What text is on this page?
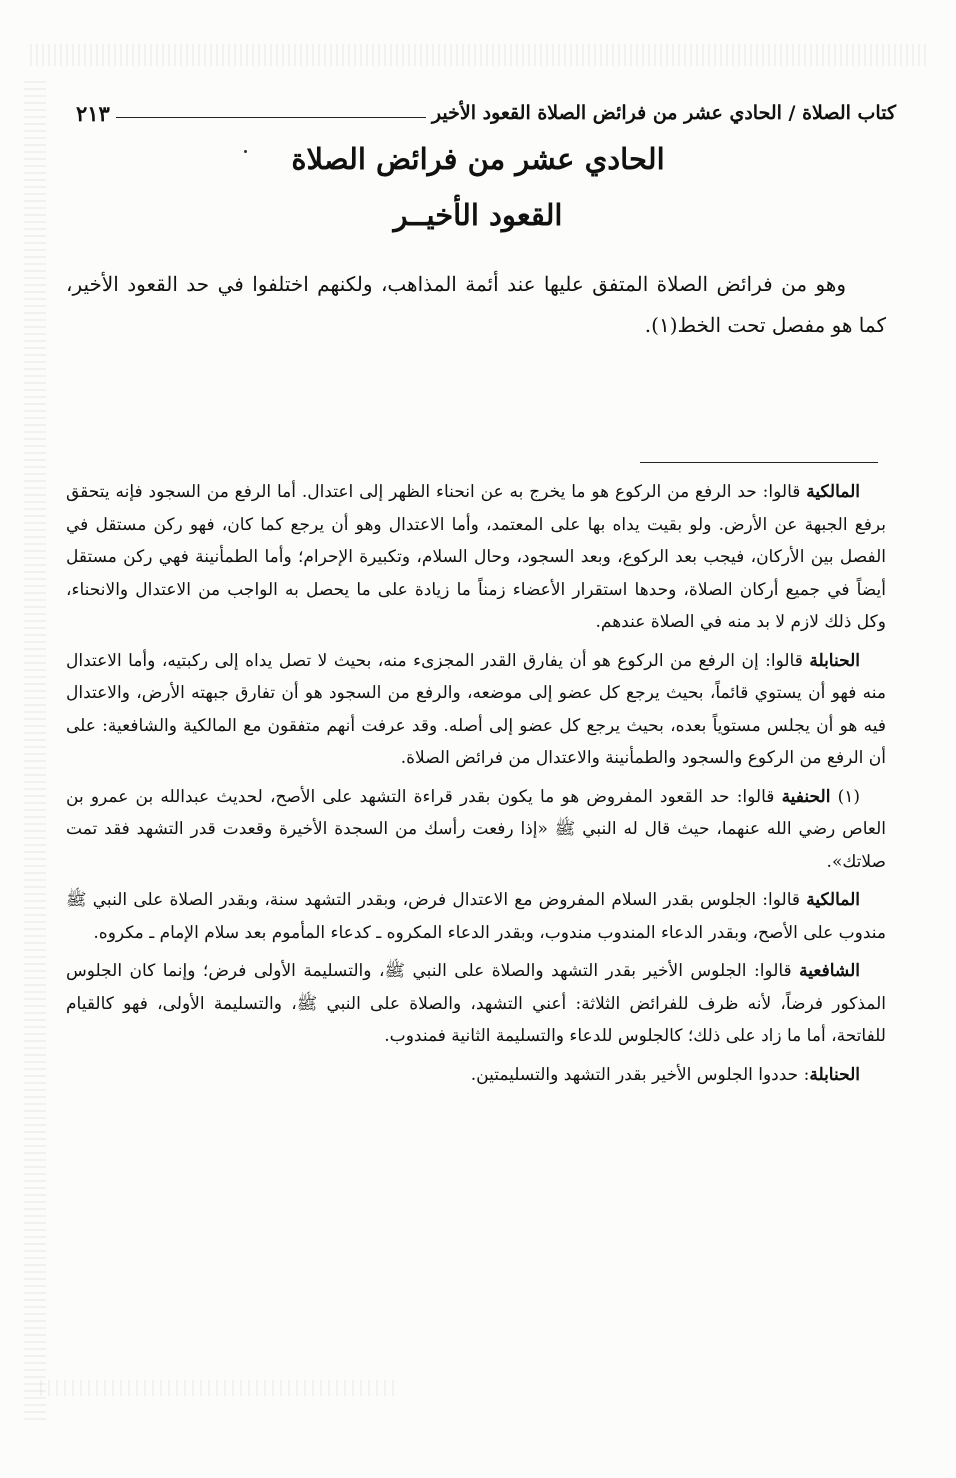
كتاب الصلاة / الحادي عشر من فرائض الصلاة القعود الأخير
٢١٣
الحادي عشر من فرائض الصلاة
القعود الأخيــر

وهو من فرائض الصلاة المتفق عليها عند أئمة المذاهب، ولكنهم اختلفوا في حد القعود الأخير، كما هو مفصل تحت الخط(١).

المالكية قالوا: حد الرفع من الركوع هو ما يخرج به عن انحناء الظهر إلى اعتدال. أما الرفع من السجود فإنه يتحقق برفع الجبهة عن الأرض. ولو بقيت يداه بها على المعتمد، وأما الاعتدال وهو أن يرجع كما كان، فهو ركن مستقل في الفصل بين الأركان، فيجب بعد الركوع، وبعد السجود، وحال السلام، وتكبيرة الإحرام؛ وأما الطمأنينة فهي ركن مستقل أيضاً في جميع أركان الصلاة، وحدها استقرار الأعضاء زمناً ما زيادة على ما يحصل به الواجب من الاعتدال والانحناء، وكل ذلك لازم لا بد منه في الصلاة عندهم.

الحنابلة قالوا: إن الرفع من الركوع هو أن يفارق القدر المجزىء منه، بحيث لا تصل يداه إلى ركبتيه، وأما الاعتدال منه فهو أن يستوي قائماً، بحيث يرجع كل عضو إلى موضعه، والرفع من السجود هو أن تفارق جبهته الأرض، والاعتدال فيه هو أن يجلس مستوياً بعده، بحيث يرجع كل عضو إلى أصله. وقد عرفت أنهم متفقون مع المالكية والشافعية: على أن الرفع من الركوع والسجود والطمأنينة والاعتدال من فرائض الصلاة.

(١) الحنفية قالوا: حد القعود المفروض هو ما يكون بقدر قراءة التشهد على الأصح، لحديث عبدالله بن عمرو بن العاص رضي الله عنهما، حيث قال له النبي ﷺ «إذا رفعت رأسك من السجدة الأخيرة وقعدت قدر التشهد فقد تمت صلاتك».

المالكية قالوا: الجلوس بقدر السلام المفروض مع الاعتدال فرض، وبقدر التشهد سنة، وبقدر الصلاة على النبي ﷺ مندوب على الأصح، وبقدر الدعاء المندوب مندوب، وبقدر الدعاء المكروه ـ كدعاء المأموم بعد سلام الإمام ـ مكروه.

الشافعية قالوا: الجلوس الأخير بقدر التشهد والصلاة على النبي ﷺ، والتسليمة الأولى فرض؛ وإنما كان الجلوس المذكور فرضاً، لأنه ظرف للفرائض الثلاثة: أعني التشهد، والصلاة على النبي ﷺ، والتسليمة الأولى، فهو كالقيام للفاتحة، أما ما زاد على ذلك؛ كالجلوس للدعاء والتسليمة الثانية فمندوب.

الحنابلة: حددوا الجلوس الأخير بقدر التشهد والتسليمتين.
